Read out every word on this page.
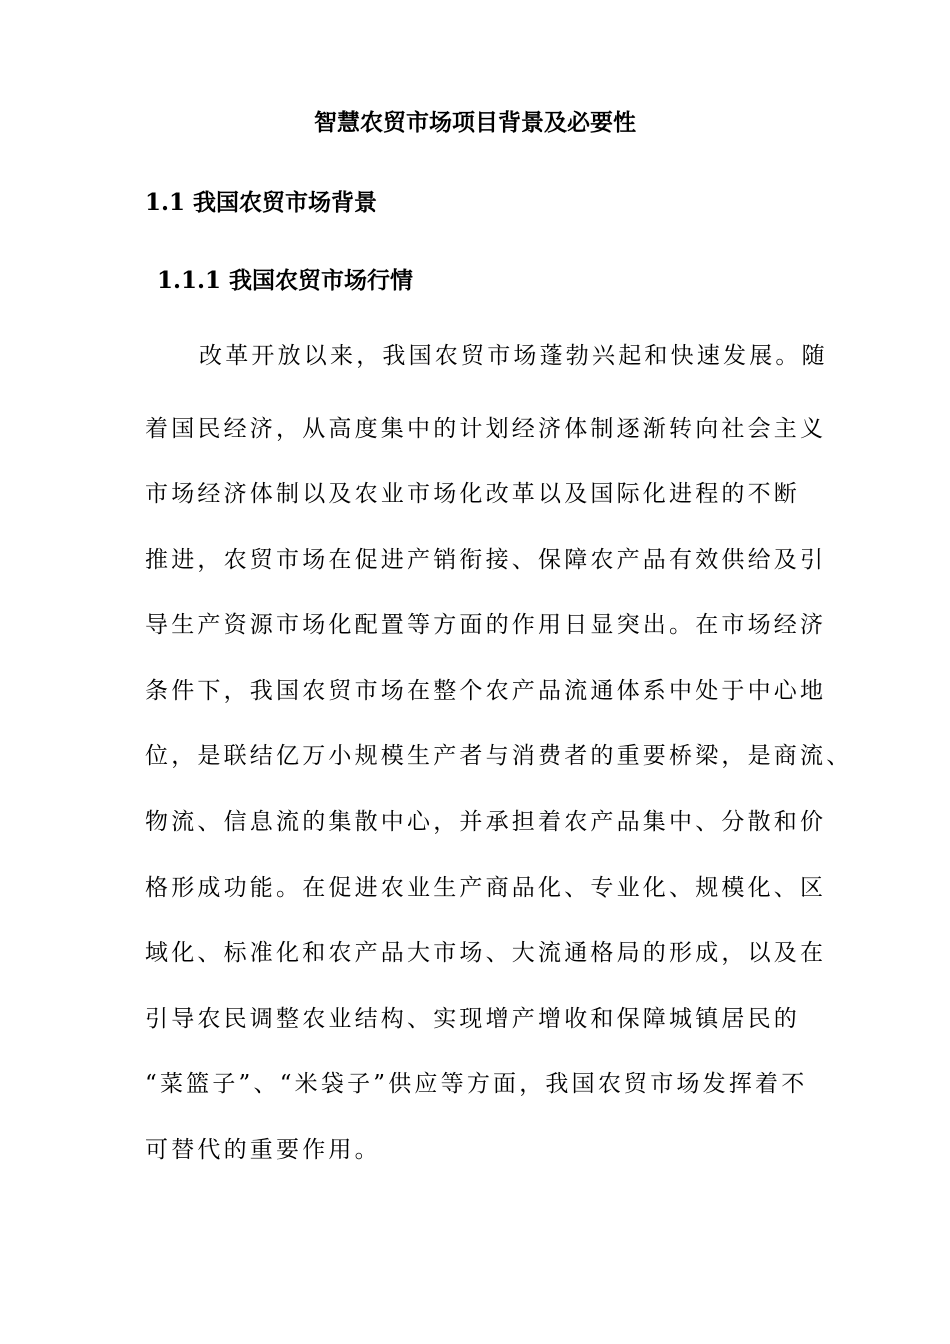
智慧农贸市场项目背景及必要性
1.1 我国农贸市场背景
1.1.1 我国农贸市场行情

改革开放以来，我国农贸市场蓬勃兴起和快速发展。随

着国民经济，从高度集中的计划经济体制逐渐转向社会主义

市场经济体制以及农业市场化改革以及国际化进程的不断

推进，农贸市场在促进产销衔接、保障农产品有效供给及引

导生产资源市场化配置等方面的作用日显突出。在市场经济

条件下，我国农贸市场在整个农产品流通体系中处于中心地

位，是联结亿万小规模生产者与消费者的重要桥梁，是商流、

物流、信息流的集散中心，并承担着农产品集中、分散和价

格形成功能。在促进农业生产商品化、专业化、规模化、区

域化、标准化和农产品大市场、大流通格局的形成，以及在

引导农民调整农业结构、实现增产增收和保障城镇居民的

“菜篮子”、“米袋子”供应等方面，我国农贸市场发挥着不

可替代的重要作用。
